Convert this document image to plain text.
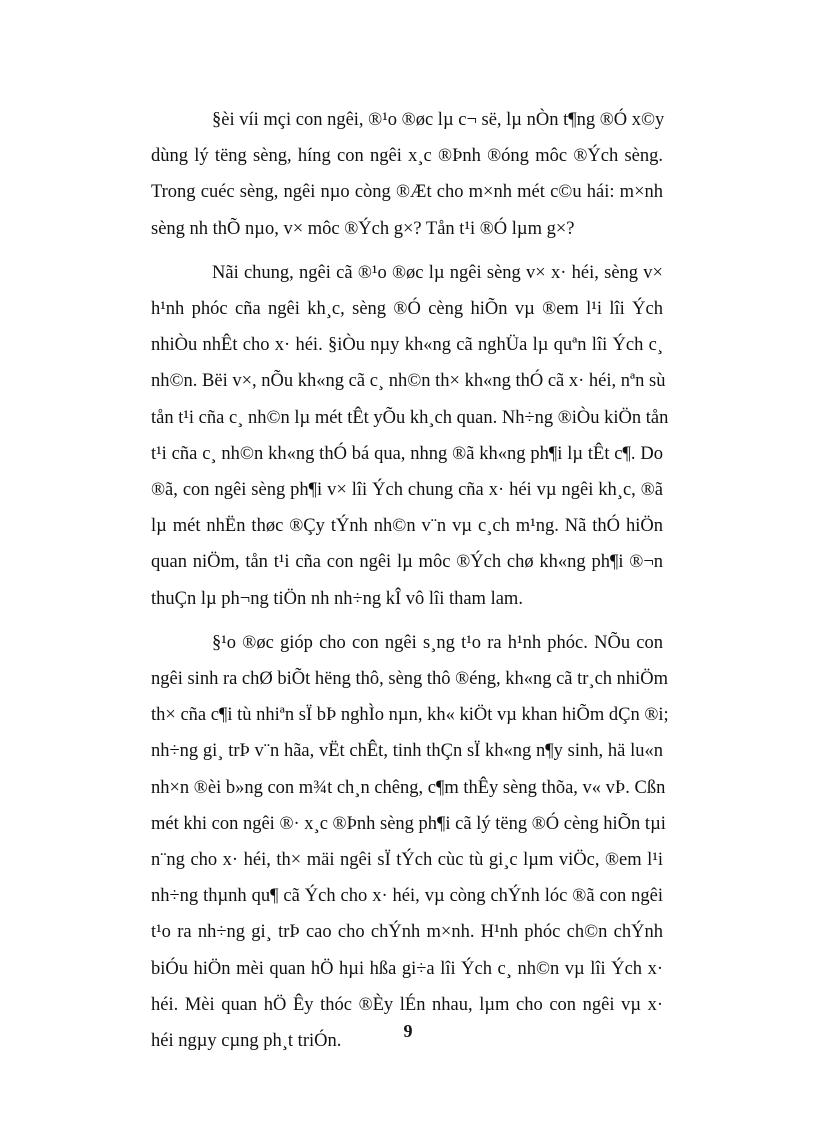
§èi víi mçi con ngêi, ®¹o ®øc lµ c¬ së, lµ nÒn t¶ng ®Ó x©y
dùng lý tëng sèng, híng con ngêi x¸c ®Þnh ®óng môc ®Ých sèng.
Trong cuéc sèng, ngêi nµo còng ®Æt cho m×nh mét c©u hái: m×nh
sèng nh thÕ nµo, v× môc ®Ých g×? Tån t¹i ®Ó lµm g×?
Nãi chung, ngêi cã ®¹o ®øc lµ ngêi sèng v× x· héi, sèng v×
h¹nh phóc cña ngêi kh¸c, sèng ®Ó cèng hiÕn vµ ®em l¹i lîi Ých
nhiÒu nhÊt cho x· héi. §iÒu nµy kh«ng cã nghÜa lµ quªn lîi Ých c¸
nh©n. Bëi v×, nÕu kh«ng cã c¸ nh©n th× kh«ng thÓ cã x· héi, nªn sù
tån t¹i cña c¸ nh©n lµ mét tÊt yÕu kh¸ch quan. Nh÷ng ®iÒu kiÖn tån
t¹i cña c¸ nh©n kh«ng thÓ bá qua, nhng ®ã kh«ng ph¶i lµ tÊt c¶. Do
®ã, con ngêi sèng ph¶i v× lîi Ých chung cña x· héi vµ ngêi kh¸c, ®ã
lµ mét nhËn thøc ®Çy tÝnh nh©n v¨n vµ c¸ch m¹ng. Nã thÓ hiÖn
quan niÖm, tån t¹i cña con ngêi lµ môc ®Ých chø kh«ng ph¶i ®¬n
thuÇn lµ ph¬ng tiÖn nh nh÷ng kÎ vô lîi tham lam.
§¹o ®øc gióp cho con ngêi s¸ng t¹o ra h¹nh phóc. NÕu con
ngêi sinh ra chØ biÕt hëng thô, sèng thô ®éng, kh«ng cã tr¸ch nhiÖm
th× cña c¶i tù nhiªn sÏ bÞ nghÌo nµn, kh« kiÖt vµ khan hiÕm dÇn ®i;
nh÷ng gi¸ trÞ v¨n hãa, vËt chÊt, tinh thÇn sÏ kh«ng n¶y sinh, hä lu«n
nh×n ®èi b»ng con m¾t ch¸n chêng, c¶m thÊy sèng thõa, v« vÞ. Cßn
mét khi con ngêi ®· x¸c ®Þnh sèng ph¶i cã lý tëng ®Ó cèng hiÕn tµi
n¨ng cho x· héi, th× mäi ngêi sÏ tÝch cùc tù gi¸c lµm viÖc, ®em l¹i
nh÷ng thµnh qu¶ cã Ých cho x· héi, vµ còng chÝnh lóc ®ã con ngêi
t¹o ra nh÷ng gi¸ trÞ cao cho chÝnh m×nh. H¹nh phóc ch©n chÝnh
biÓu hiÖn mèi quan hÖ hµi hßa gi÷a lîi Ých c¸ nh©n vµ lîi Ých x·
héi. Mèi quan hÖ Êy thóc ®Èy lÉn nhau, lµm cho con ngêi vµ x·
héi ngµy cµng ph¸t triÓn.
9
